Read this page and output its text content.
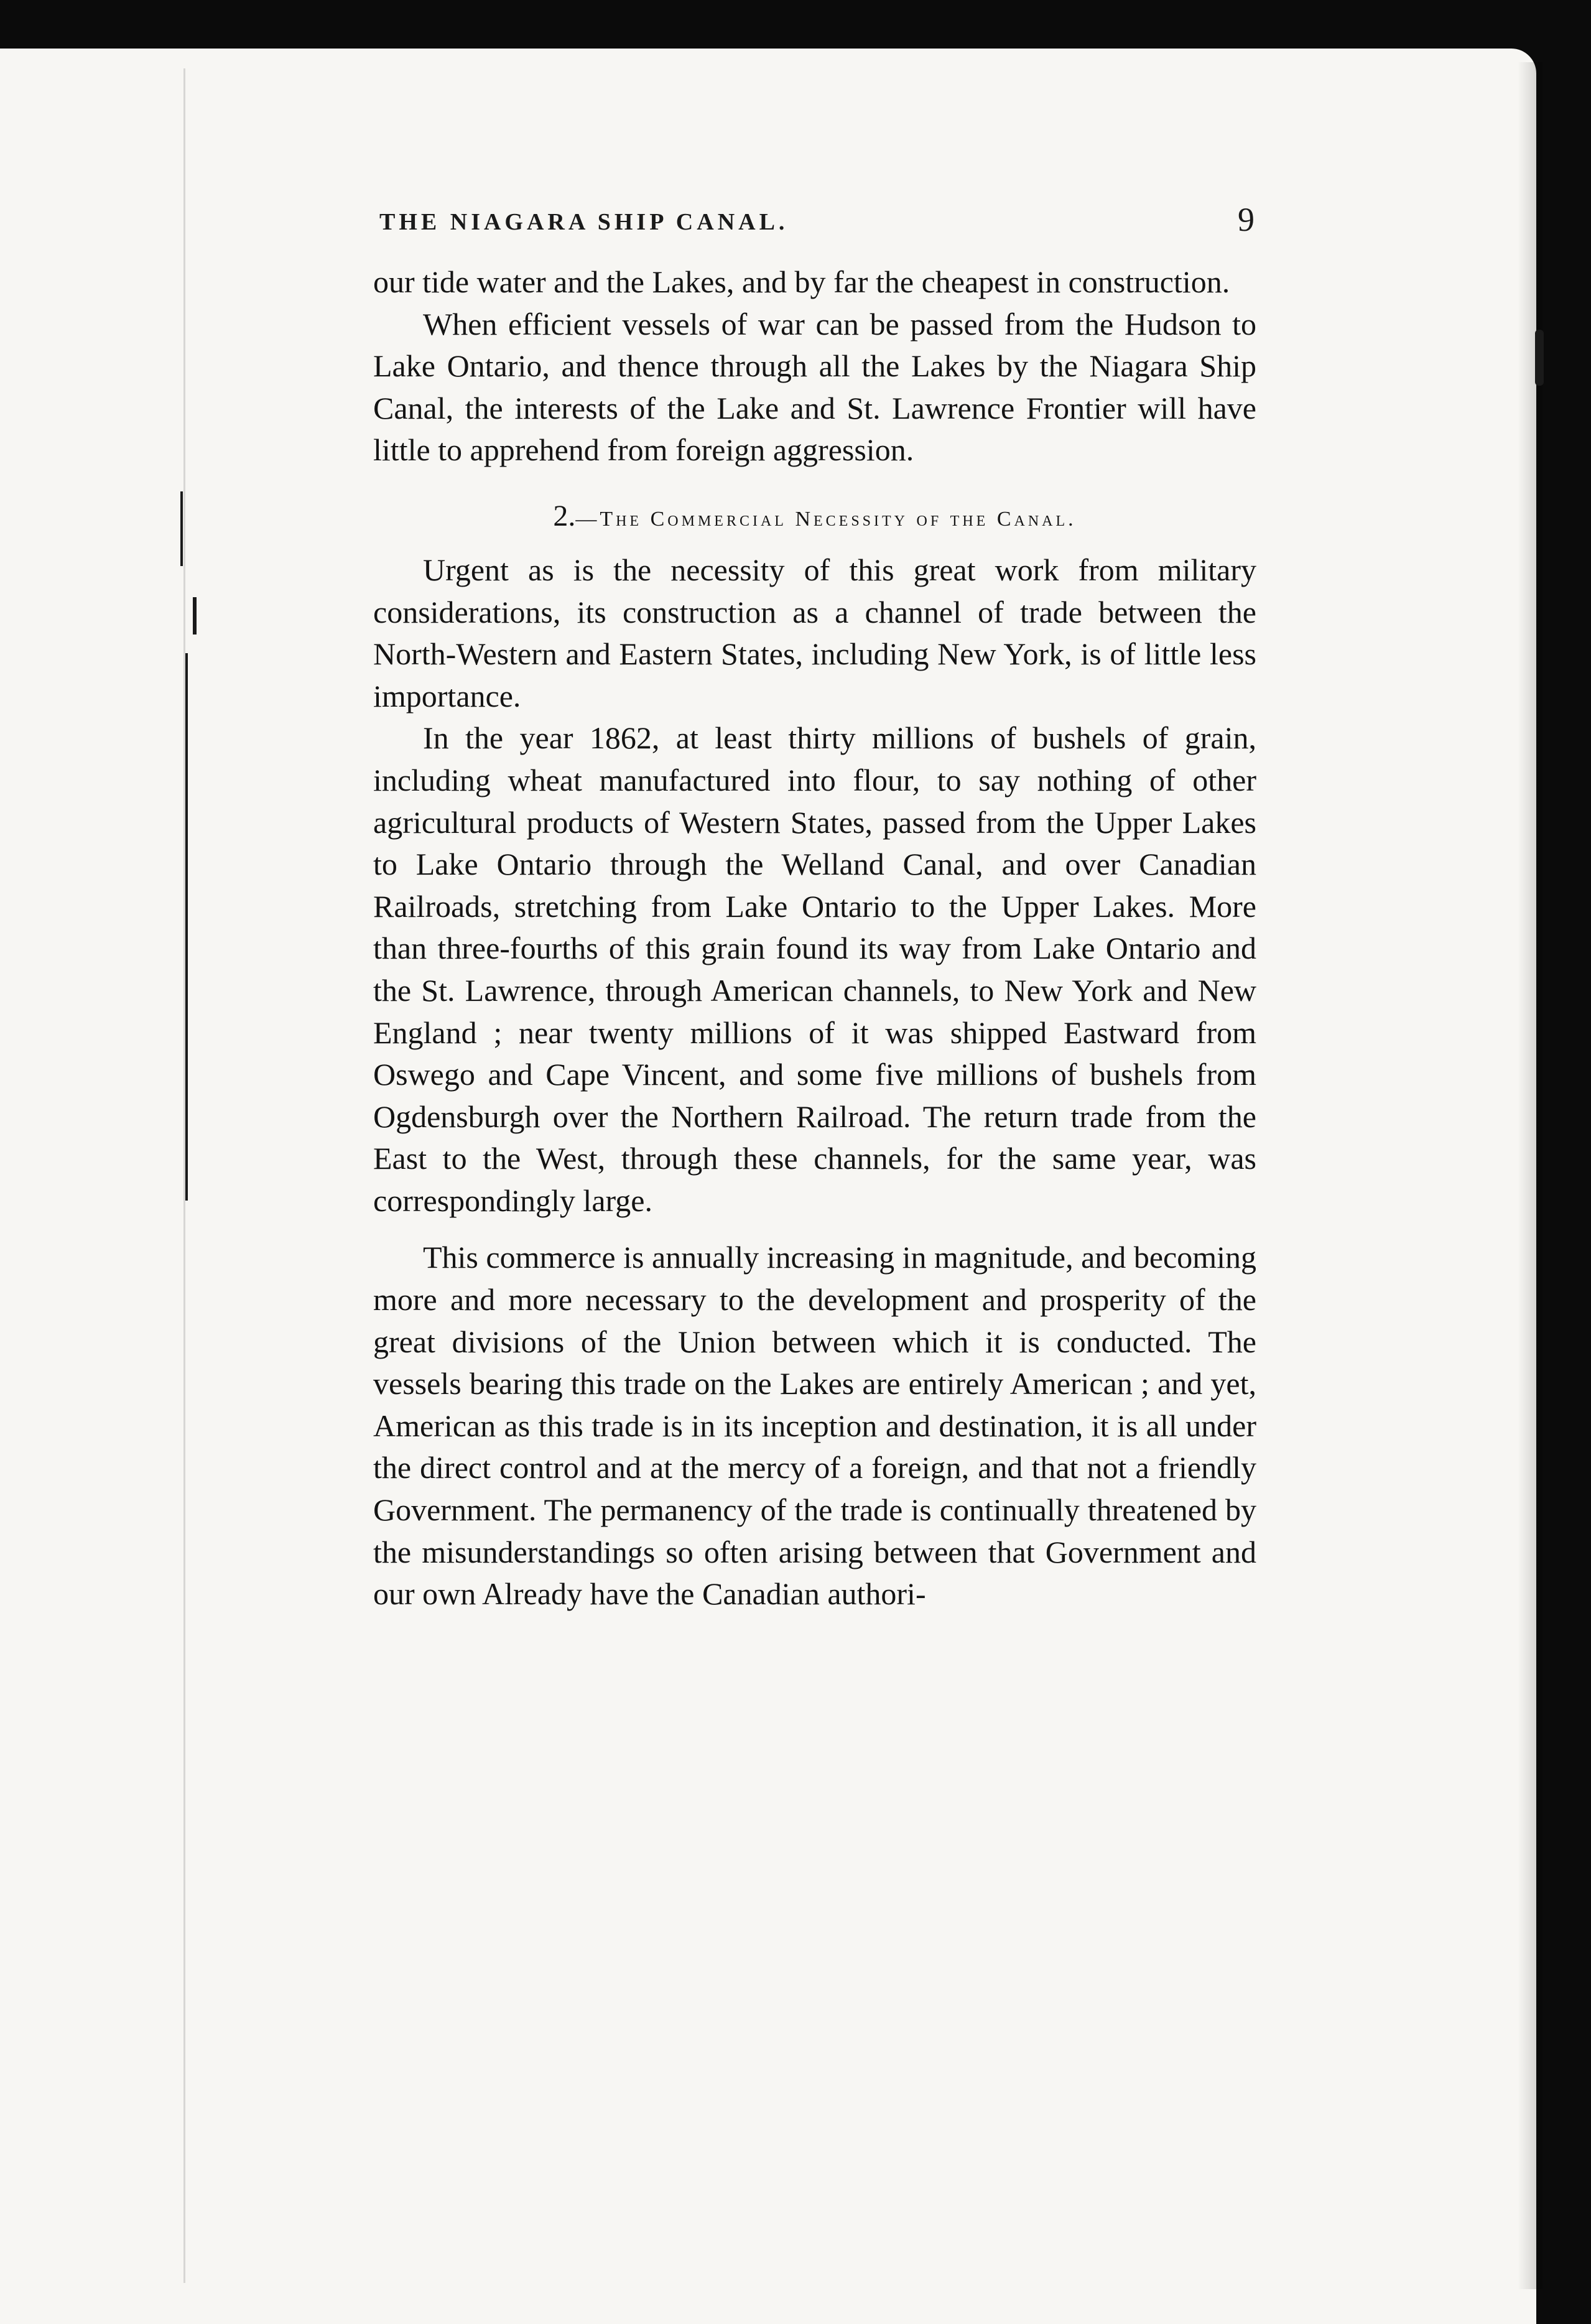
THE NIAGARA SHIP CANAL.	9

our tide water and the Lakes, and by far the cheapest in construction.

When efficient vessels of war can be passed from the Hudson to Lake Ontario, and thence through all the Lakes by the Niagara Ship Canal, the interests of the Lake and St. Lawrence Frontier will have little to apprehend from foreign aggression.

2.—The Commercial Necessity of the Canal.

Urgent as is the necessity of this great work from military considerations, its construction as a channel of trade between the North-Western and Eastern States, including New York, is of little less importance.

In the year 1862, at least thirty millions of bushels of grain, including wheat manufactured into flour, to say nothing of other agricultural products of Western States, passed from the Upper Lakes to Lake Ontario through the Welland Canal, and over Canadian Railroads, stretching from Lake Ontario to the Upper Lakes. More than three-fourths of this grain found its way from Lake Ontario and the St. Lawrence, through American channels, to New York and New England ; near twenty millions of it was shipped Eastward from Oswego and Cape Vincent, and some five millions of bushels from Ogdensburgh over the Northern Railroad. The return trade from the East to the West, through these channels, for the same year, was correspondingly large.

This commerce is annually increasing in magnitude, and becoming more and more necessary to the development and prosperity of the great divisions of the Union between which it is conducted. The vessels bearing this trade on the Lakes are entirely American ; and yet, American as this trade is in its inception and destination, it is all under the direct control and at the mercy of a foreign, and that not a friendly Government. The permanency of the trade is continually threatened by the misunderstandings so often arising between that Government and our own Already have the Canadian authori-
